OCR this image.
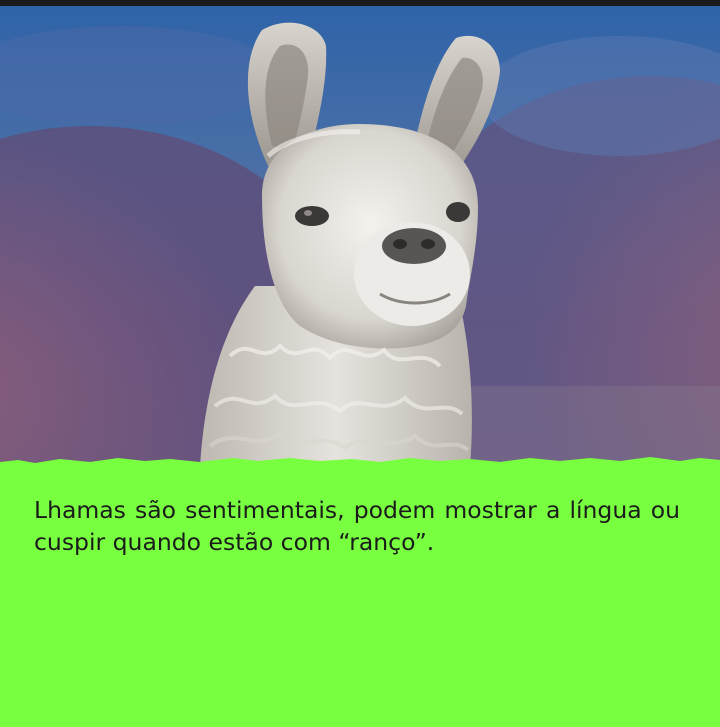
Lhamas são sentimentais, podem mostrar a língua ou cuspir quando estão com “ranço”.
